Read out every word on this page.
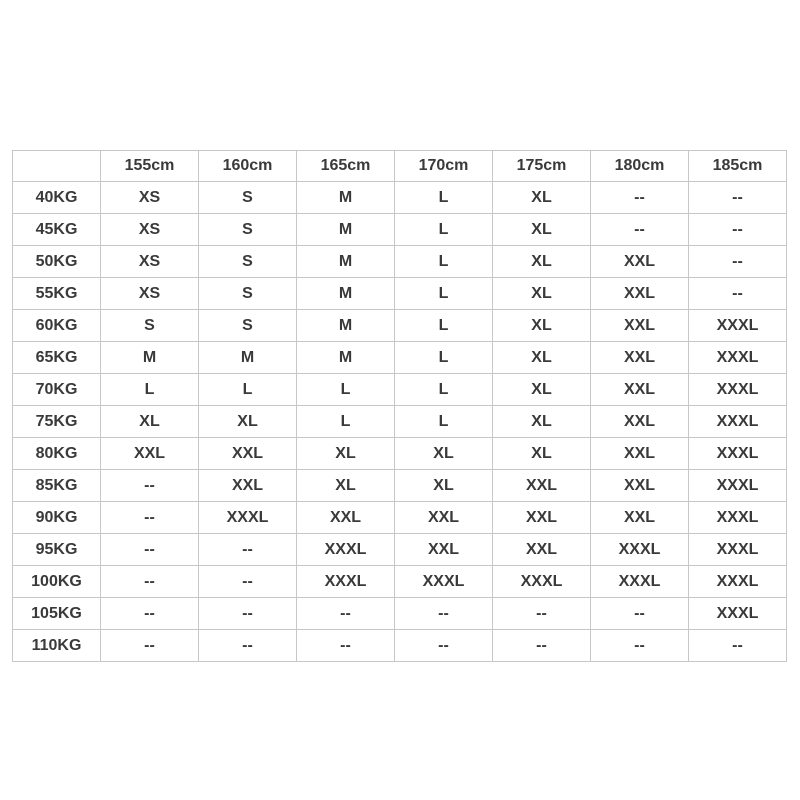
	155cm	160cm	165cm	170cm	175cm	180cm	185cm
40KG	XS	S	M	L	XL	--	--
45KG	XS	S	M	L	XL	--	--
50KG	XS	S	M	L	XL	XXL	--
55KG	XS	S	M	L	XL	XXL	--
60KG	S	S	M	L	XL	XXL	XXXL
65KG	M	M	M	L	XL	XXL	XXXL
70KG	L	L	L	L	XL	XXL	XXXL
75KG	XL	XL	L	L	XL	XXL	XXXL
80KG	XXL	XXL	XL	XL	XL	XXL	XXXL
85KG	--	XXL	XL	XL	XXL	XXL	XXXL
90KG	--	XXXL	XXL	XXL	XXL	XXL	XXXL
95KG	--	--	XXXL	XXL	XXL	XXXL	XXXL
100KG	--	--	XXXL	XXXL	XXXL	XXXL	XXXL
105KG	--	--	--	--	--	--	XXXL
110KG	--	--	--	--	--	--	--
